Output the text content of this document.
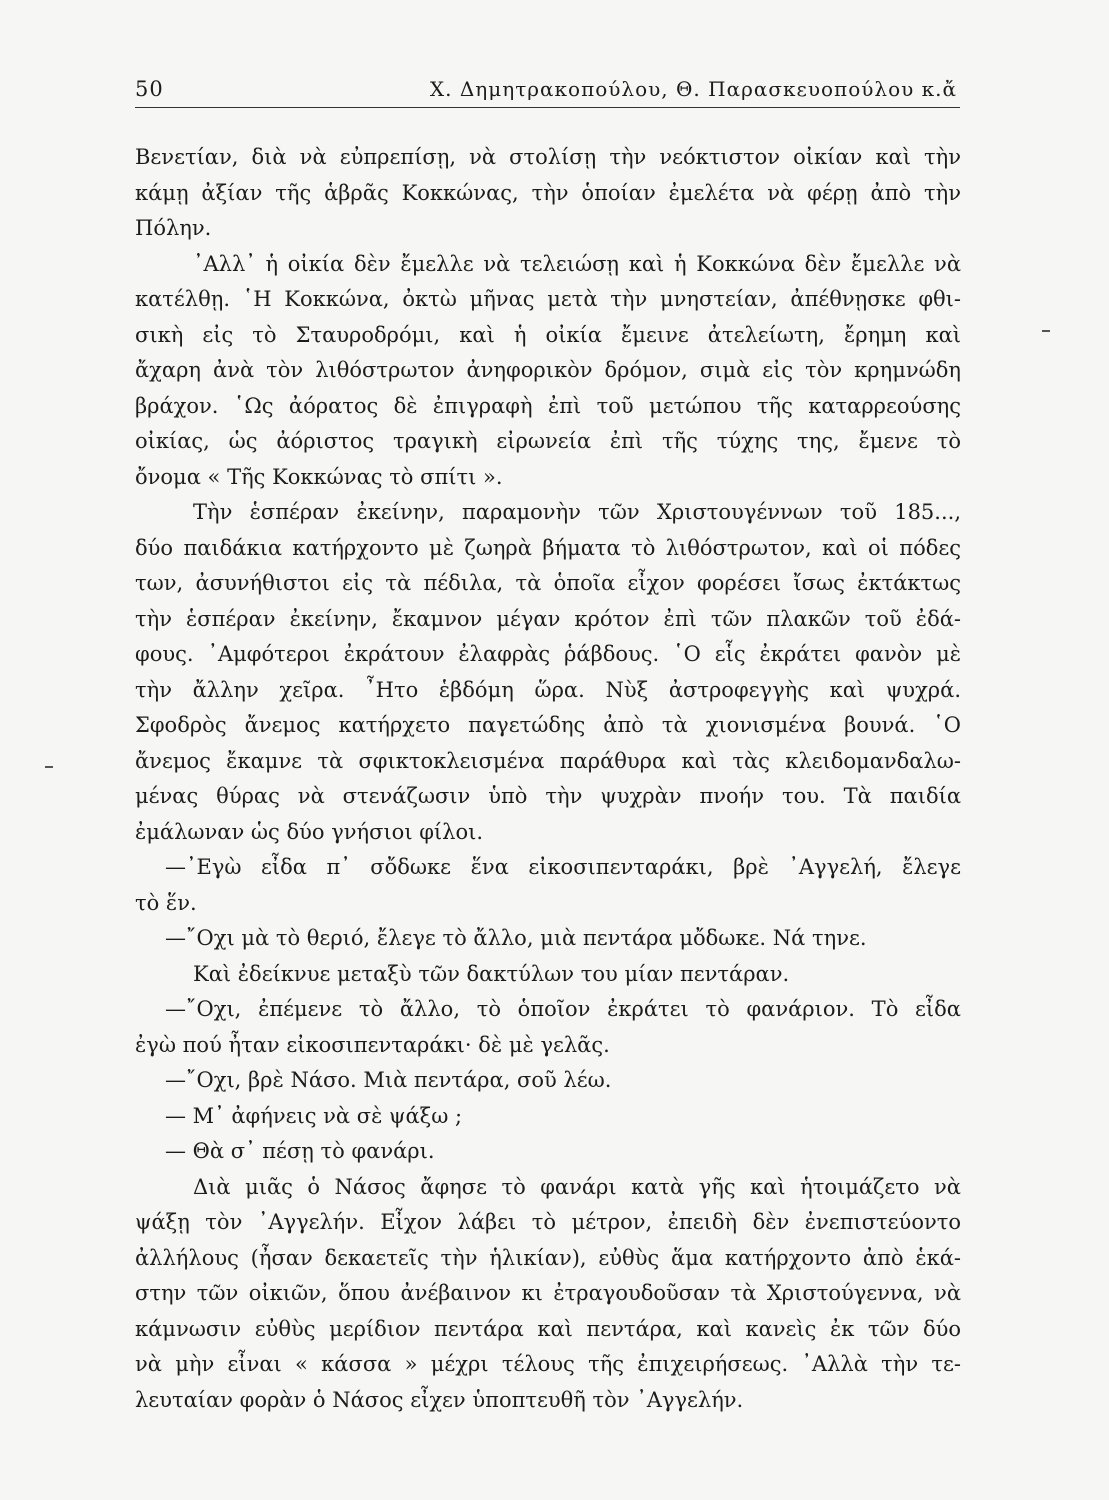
50	Χ. Δημητρακοπούλου, Θ. Παρασκευοπούλου κ.ἄ
Βενετίαν, διὰ νὰ εὐπρεπίσῃ, νὰ στολίσῃ τὴν νεόκτιστον οἰκίαν καὶ τὴν
κάμῃ ἀξίαν τῆς ἁβρᾶς Κοκκώνας, τὴν ὁποίαν ἐμελέτα νὰ φέρῃ ἀπὸ τὴν
Πόλην.
᾿Αλλ᾿ ἡ οἰκία δὲν ἔμελλε νὰ τελειώσῃ καὶ ἡ Κοκκώνα δὲν ἔμελλε νὰ
κατέλθῃ. ῾Η Κοκκώνα, ὀκτὼ μῆνας μετὰ τὴν μνηστείαν, ἀπέθνῃσκε φθι-
σικὴ εἰς τὸ Σταυροδρόμι, καὶ ἡ οἰκία ἔμεινε ἀτελείωτη, ἔρημη καὶ
ἄχαρη ἀνὰ τὸν λιθόστρωτον ἀνηφορικὸν δρόμον, σιμὰ εἰς τὸν κρημνώδη
βράχον. ῾Ως ἀόρατος δὲ ἐπιγραφὴ ἐπὶ τοῦ μετώπου τῆς καταρρεούσης
οἰκίας, ὡς ἀόριστος τραγικὴ εἰρωνεία ἐπὶ τῆς τύχης της, ἔμενε τὸ
ὄνομα « Τῆς Κοκκώνας τὸ σπίτι ».
Τὴν ἑσπέραν ἐκείνην, παραμονὴν τῶν Χριστουγέννων τοῦ 185...,
δύο παιδάκια κατήρχοντο μὲ ζωηρὰ βήματα τὸ λιθόστρωτον, καὶ οἱ πόδες
των, ἀσυνήθιστοι εἰς τὰ πέδιλα, τὰ ὁποῖα εἶχον φορέσει ἴσως ἐκτάκτως
τὴν ἑσπέραν ἐκείνην, ἔκαμνον μέγαν κρότον ἐπὶ τῶν πλακῶν τοῦ ἐδά-
φους. ᾿Αμφότεροι ἐκράτουν ἐλαφρὰς ῥάβδους. ῾Ο εἷς ἐκράτει φανὸν μὲ
τὴν ἄλλην χεῖρα. ῏Ητο ἑβδόμη ὥρα. Νὺξ ἀστροφεγγὴς καὶ ψυχρά.
Σφοδρὸς ἄνεμος κατήρχετο παγετώδης ἀπὸ τὰ χιονισμένα βουνά. ῾Ο
ἄνεμος ἔκαμνε τὰ σφικτοκλεισμένα παράθυρα καὶ τὰς κλειδομανδαλω-
μένας θύρας νὰ στενάζωσιν ὑπὸ τὴν ψυχρὰν πνοήν του. Τὰ παιδία
ἐμάλωναν ὡς δύο γνήσιοι φίλοι.
—᾿Εγὼ εἶδα π᾿ σὄδωκε ἕνα εἰκοσιπενταράκι, βρὲ ᾿Αγγελή, ἔλεγε
τὸ ἕν.
—῎Οχι μὰ τὸ θεριό, ἔλεγε τὸ ἄλλο, μιὰ πεντάρα μὄδωκε. Νά τηνε.
Καὶ ἐδείκνυε μεταξὺ τῶν δακτύλων του μίαν πεντάραν.
—῎Οχι, ἐπέμενε τὸ ἄλλο, τὸ ὁποῖον ἐκράτει τὸ φανάριον. Τὸ εἶδα
ἐγὼ πού ἦταν εἰκοσιπενταράκι· δὲ μὲ γελᾶς.
—῎Οχι, βρὲ Νάσο. Μιὰ πεντάρα, σοῦ λέω.
— Μ᾿ ἀφήνεις νὰ σὲ ψάξω ;
— Θὰ σ᾿ πέσῃ τὸ φανάρι.
Διὰ μιᾶς ὁ Νάσος ἄφησε τὸ φανάρι κατὰ γῆς καὶ ἡτοιμάζετο νὰ
ψάξῃ τὸν ᾿Αγγελήν. Εἶχον λάβει τὸ μέτρον, ἐπειδὴ δὲν ἐνεπιστεύοντο
ἀλλήλους (ἦσαν δεκαετεῖς τὴν ἡλικίαν), εὐθὺς ἅμα κατήρχοντο ἀπὸ ἑκά-
στην τῶν οἰκιῶν, ὅπου ἀνέβαινον κι ἐτραγουδοῦσαν τὰ Χριστούγεννα, νὰ
κάμνωσιν εὐθὺς μερίδιον πεντάρα καὶ πεντάρα, καὶ κανεὶς ἐκ τῶν δύο
νὰ μὴν εἶναι « κάσσα » μέχρι τέλους τῆς ἐπιχειρήσεως. ᾿Αλλὰ τὴν τε-
λευταίαν φορὰν ὁ Νάσος εἶχεν ὑποπτευθῆ τὸν ᾿Αγγελήν.
